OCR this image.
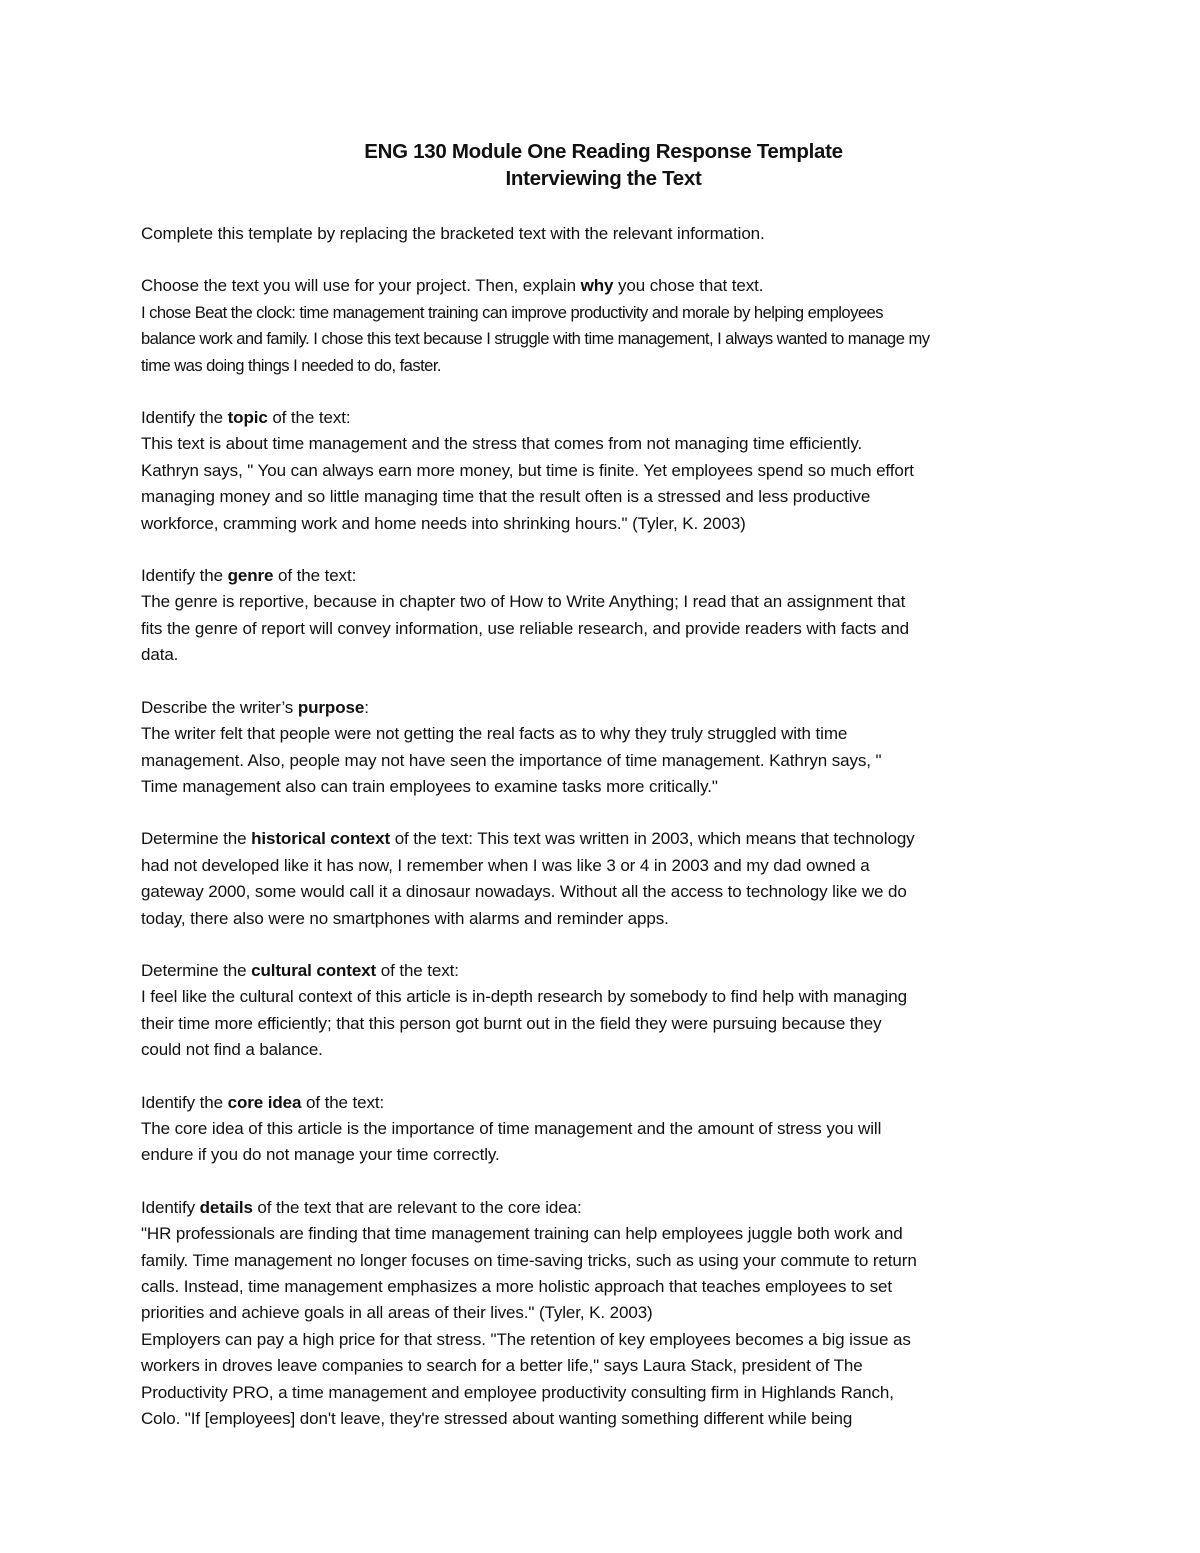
ENG 130 Module One Reading Response Template
Interviewing the Text
Complete this template by replacing the bracketed text with the relevant information.
Choose the text you will use for your project. Then, explain why you chose that text.
I chose Beat the clock: time management training can improve productivity and morale by helping employees
balance work and family. I chose this text because I struggle with time management, I always wanted to manage my
time was doing things I needed to do, faster.
Identify the topic of the text:
This text is about time management and the stress that comes from not managing time efficiently.
Kathryn says, " You can always earn more money, but time is finite. Yet employees spend so much effort
managing money and so little managing time that the result often is a stressed and less productive
workforce, cramming work and home needs into shrinking hours." (Tyler, K. 2003)
Identify the genre of the text:
The genre is reportive, because in chapter two of How to Write Anything; I read that an assignment that
fits the genre of report will convey information, use reliable research, and provide readers with facts and
data.
Describe the writer’s purpose:
The writer felt that people were not getting the real facts as to why they truly struggled with time
management. Also, people may not have seen the importance of time management. Kathryn says, "
Time management also can train employees to examine tasks more critically."
Determine the historical context of the text: This text was written in 2003, which means that technology
had not developed like it has now, I remember when I was like 3 or 4 in 2003 and my dad owned a
gateway 2000, some would call it a dinosaur nowadays. Without all the access to technology like we do
today, there also were no smartphones with alarms and reminder apps.
Determine the cultural context of the text:
I feel like the cultural context of this article is in-depth research by somebody to find help with managing
their time more efficiently; that this person got burnt out in the field they were pursuing because they
could not find a balance.
Identify the core idea of the text:
The core idea of this article is the importance of time management and the amount of stress you will
endure if you do not manage your time correctly.
Identify details of the text that are relevant to the core idea:
"HR professionals are finding that time management training can help employees juggle both work and
family. Time management no longer focuses on time-saving tricks, such as using your commute to return
calls. Instead, time management emphasizes a more holistic approach that teaches employees to set
priorities and achieve goals in all areas of their lives." (Tyler, K. 2003)
Employers can pay a high price for that stress. "The retention of key employees becomes a big issue as
workers in droves leave companies to search for a better life," says Laura Stack, president of The
Productivity PRO, a time management and employee productivity consulting firm in Highlands Ranch,
Colo. "If [employees] don't leave, they're stressed about wanting something different while being
